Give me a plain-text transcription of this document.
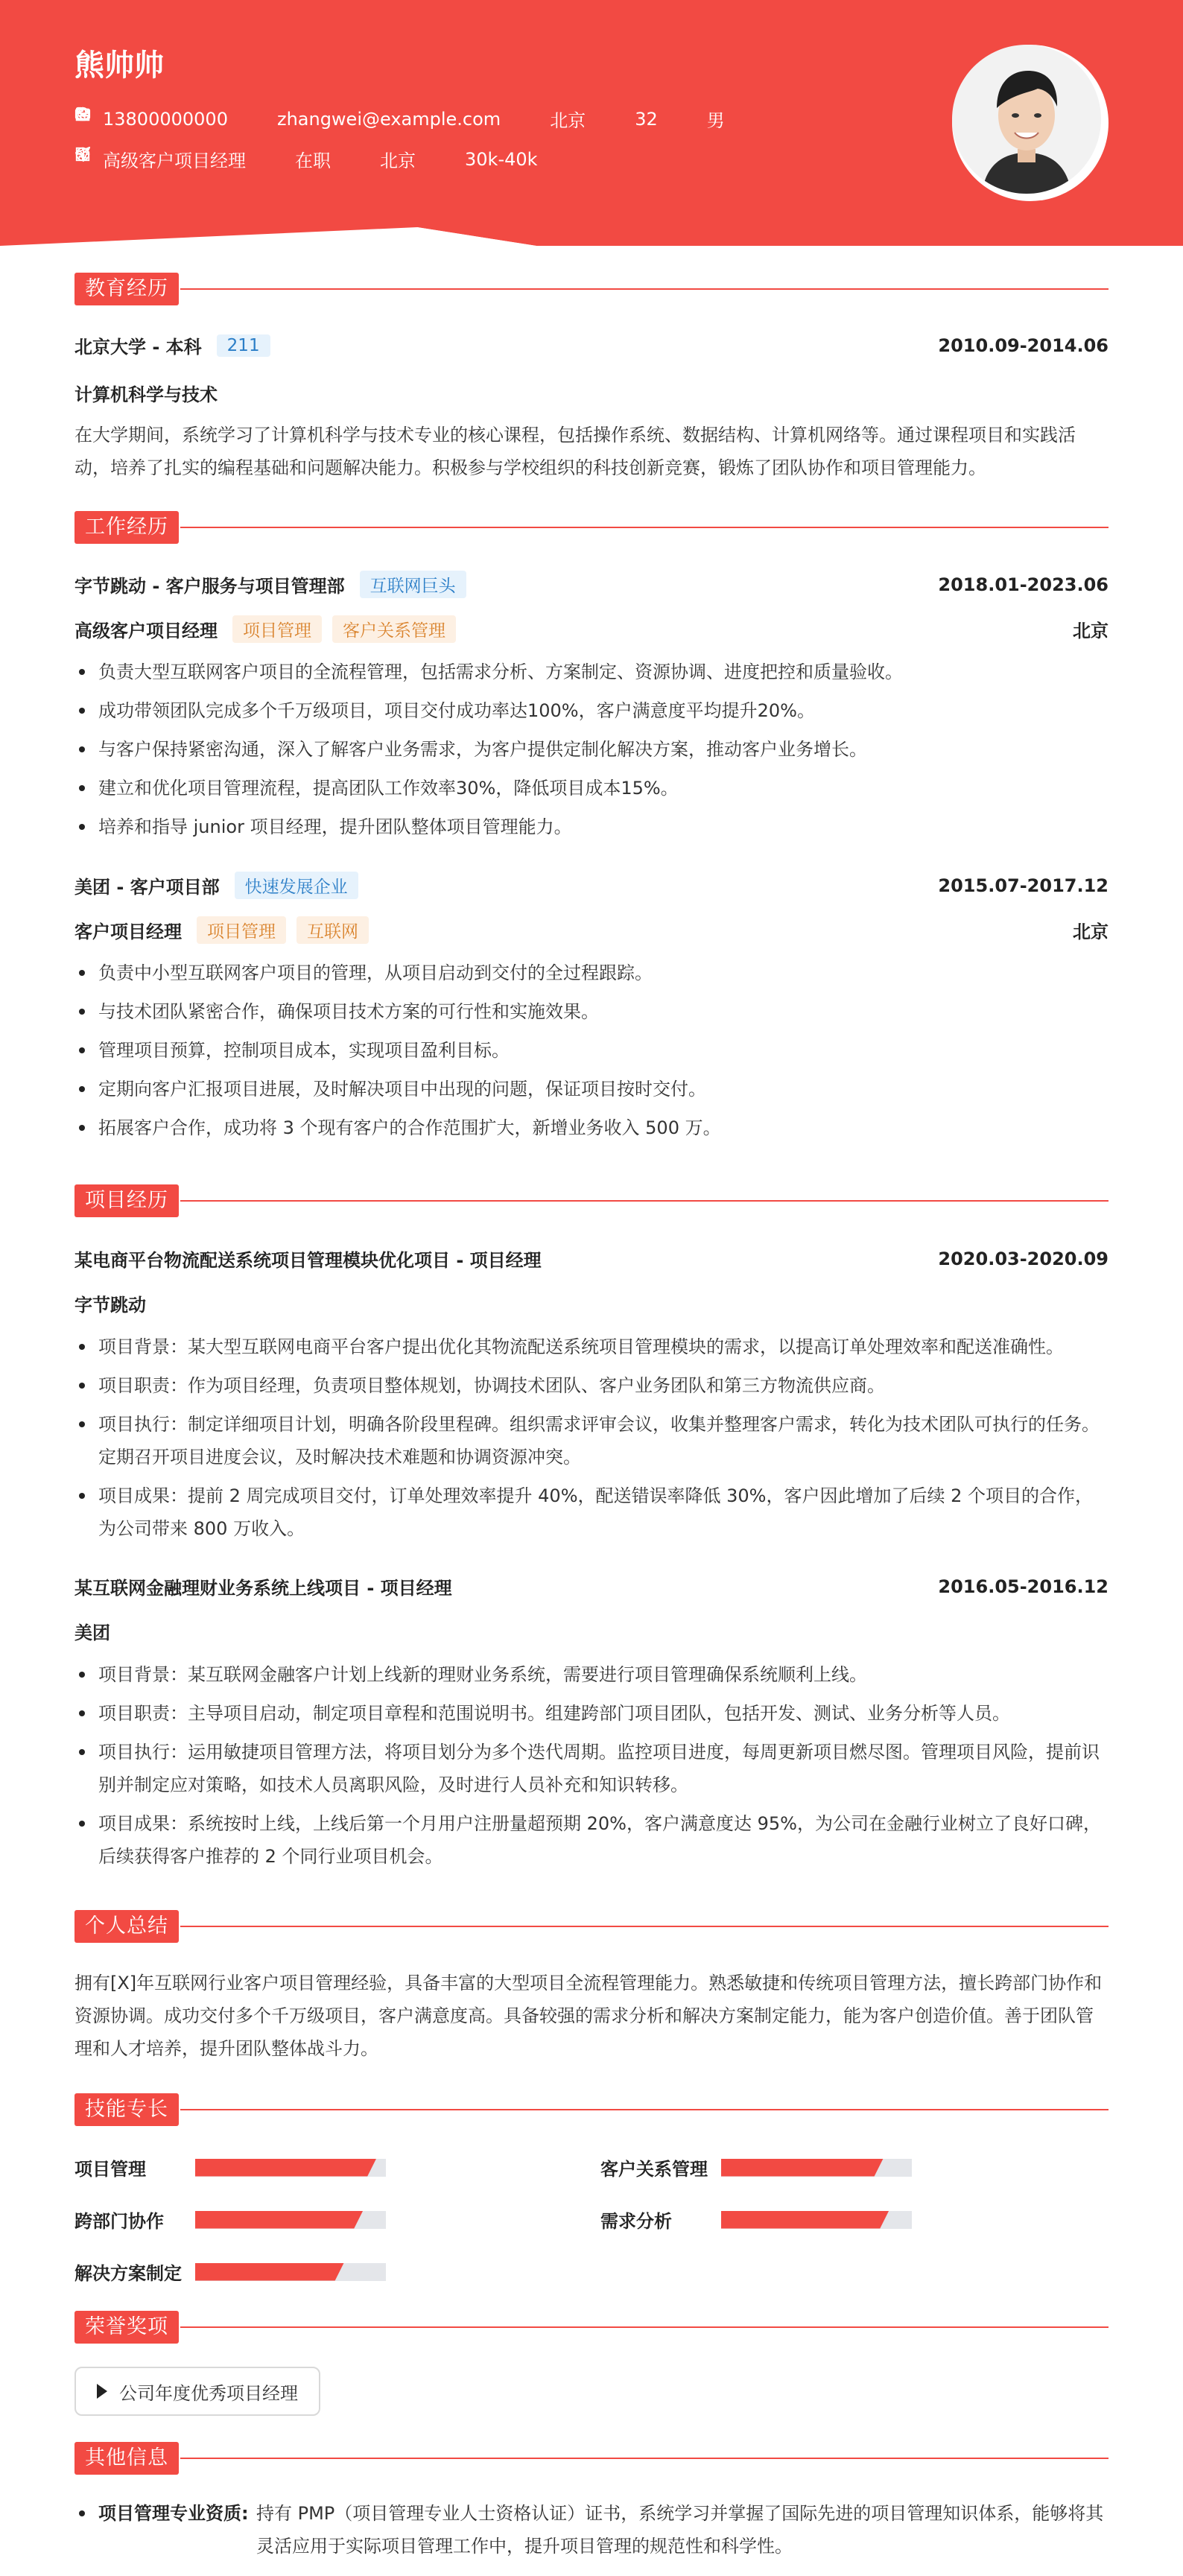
熊帅帅
13800000000	zhangwei@example.com	北京	32	男
高级客户项目经理	在职	北京	30k-40k
教育经历
北京大学 - 本科	211	2010.09-2014.06
计算机科学与技术
在大学期间，系统学习了计算机科学与技术专业的核心课程，包括操作系统、数据结构、计算机网络等。通过课程项目和实践活动，培养了扎实的编程基础和问题解决能力。积极参与学校组织的科技创新竞赛，锻炼了团队协作和项目管理能力。
工作经历
字节跳动 - 客户服务与项目管理部	互联网巨头	2018.01-2023.06
高级客户项目经理	项目管理	客户关系管理	北京
负责大型互联网客户项目的全流程管理，包括需求分析、方案制定、资源协调、进度把控和质量验收。
成功带领团队完成多个千万级项目，项目交付成功率达100%，客户满意度平均提升20%。
与客户保持紧密沟通，深入了解客户业务需求，为客户提供定制化解决方案，推动客户业务增长。
建立和优化项目管理流程，提高团队工作效率30%，降低项目成本15%。
培养和指导 junior 项目经理，提升团队整体项目管理能力。
美团 - 客户项目部	快速发展企业	2015.07-2017.12
客户项目经理	项目管理	互联网	北京
负责中小型互联网客户项目的管理，从项目启动到交付的全过程跟踪。
与技术团队紧密合作，确保项目技术方案的可行性和实施效果。
管理项目预算，控制项目成本，实现项目盈利目标。
定期向客户汇报项目进展，及时解决项目中出现的问题，保证项目按时交付。
拓展客户合作，成功将 3 个现有客户的合作范围扩大，新增业务收入 500 万。
项目经历
某电商平台物流配送系统项目管理模块优化项目 - 项目经理	2020.03-2020.09
字节跳动
项目背景：某大型互联网电商平台客户提出优化其物流配送系统项目管理模块的需求，以提高订单处理效率和配送准确性。
项目职责：作为项目经理，负责项目整体规划，协调技术团队、客户业务团队和第三方物流供应商。
项目执行：制定详细项目计划，明确各阶段里程碑。组织需求评审会议，收集并整理客户需求，转化为技术团队可执行的任务。定期召开项目进度会议，及时解决技术难题和协调资源冲突。
项目成果：提前 2 周完成项目交付，订单处理效率提升 40%，配送错误率降低 30%，客户因此增加了后续 2 个项目的合作，为公司带来 800 万收入。
某互联网金融理财业务系统上线项目 - 项目经理	2016.05-2016.12
美团
项目背景：某互联网金融客户计划上线新的理财业务系统，需要进行项目管理确保系统顺利上线。
项目职责：主导项目启动，制定项目章程和范围说明书。组建跨部门项目团队，包括开发、测试、业务分析等人员。
项目执行：运用敏捷项目管理方法，将项目划分为多个迭代周期。监控项目进度，每周更新项目燃尽图。管理项目风险，提前识别并制定应对策略，如技术人员离职风险，及时进行人员补充和知识转移。
项目成果：系统按时上线，上线后第一个月用户注册量超预期 20%，客户满意度达 95%，为公司在金融行业树立了良好口碑，后续获得客户推荐的 2 个同行业项目机会。
个人总结
拥有[X]年互联网行业客户项目管理经验，具备丰富的大型项目全流程管理能力。熟悉敏捷和传统项目管理方法，擅长跨部门协作和资源协调。成功交付多个千万级项目，客户满意度高。具备较强的需求分析和解决方案制定能力，能为客户创造价值。善于团队管理和人才培养，提升团队整体战斗力。
技能专长
项目管理	客户关系管理
跨部门协作	需求分析
解决方案制定
荣誉奖项
公司年度优秀项目经理
其他信息
项目管理专业资质: 持有 PMP（项目管理专业人士资格认证）证书，系统学习并掌握了国际先进的项目管理知识体系，能够将其灵活应用于实际项目管理工作中，提升项目管理的规范性和科学性。
